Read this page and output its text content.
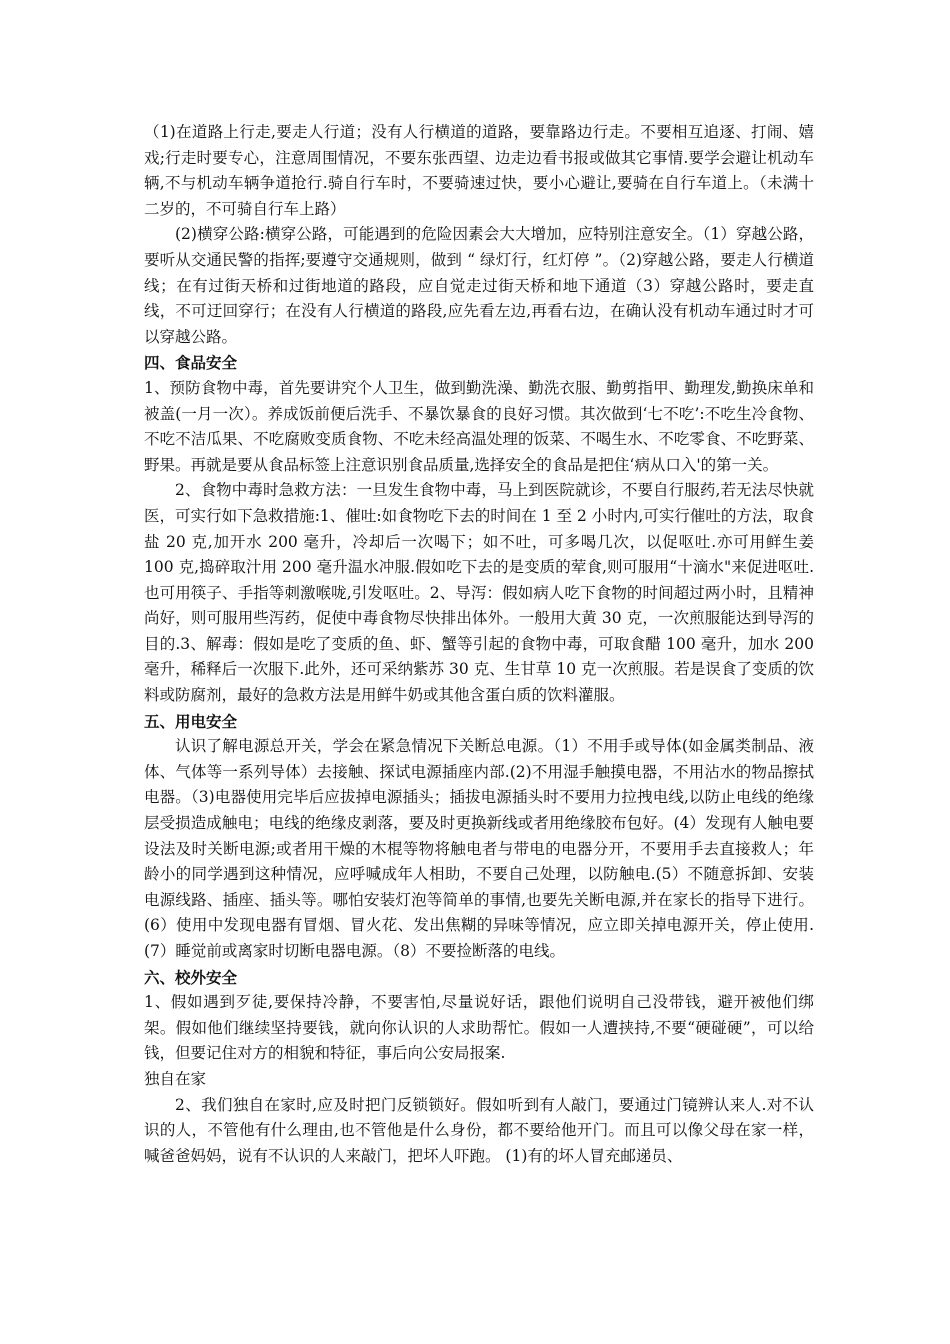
（1)在道路上行走,要走人行道；没有人行横道的道路，要靠路边行走。不要相互追逐、打闹、嬉戏;行走时要专心，注意周围情况，不要东张西望、边走边看书报或做其它事情.要学会避让机动车辆,不与机动车辆争道抢行.骑自行车时，不要骑速过快，要小心避让,要骑在自行车道上。（未满十二岁的，不可骑自行车上路）

(2)横穿公路:横穿公路，可能遇到的危险因素会大大增加，应特别注意安全。（1）穿越公路，要听从交通民警的指挥;要遵守交通规则，做到 “ 绿灯行，红灯停 ”。（2)穿越公路，要走人行横道线；在有过街天桥和过街地道的路段，应自觉走过街天桥和地下通道（3）穿越公路时，要走直线，不可迂回穿行；在没有人行横道的路段,应先看左边,再看右边，在确认没有机动车通过时才可以穿越公路。

四、食品安全

1、预防食物中毒，首先要讲究个人卫生，做到勤洗澡、勤洗衣服、勤剪指甲、勤理发,勤换床单和被盖(一月一次）。养成饭前便后洗手、不暴饮暴食的良好习惯。其次做到‘七不吃’:不吃生冷食物、不吃不洁瓜果、不吃腐败变质食物、不吃未经高温处理的饭菜、不喝生水、不吃零食、不吃野菜、野果。再就是要从食品标签上注意识别食品质量,选择安全的食品是把住‘病从口入'的第一关。

2、食物中毒时急救方法：一旦发生食物中毒，马上到医院就诊，不要自行服药,若无法尽快就医，可实行如下急救措施:1、催吐:如食物吃下去的时间在 1 至 2 小时内,可实行催吐的方法，取食盐 20 克,加开水 200 毫升，冷却后一次喝下；如不吐，可多喝几次，以促呕吐.亦可用鲜生姜 100 克,捣碎取汁用 200 毫升温水冲服.假如吃下去的是变质的荤食,则可服用“十滴水"来促进呕吐.也可用筷子、手指等刺激喉咙,引发呕吐。2、导泻：假如病人吃下食物的时间超过两小时，且精神尚好，则可服用些泻药，促使中毒食物尽快排出体外。一般用大黄 30 克，一次煎服能达到导泻的目的.3、解毒：假如是吃了变质的鱼、虾、蟹等引起的食物中毒，可取食醋 100 毫升，加水 200 毫升，稀释后一次服下.此外，还可采纳紫苏 30 克、生甘草 10 克一次煎服。若是误食了变质的饮料或防腐剂，最好的急救方法是用鲜牛奶或其他含蛋白质的饮料灌服。

五、用电安全

认识了解电源总开关，学会在紧急情况下关断总电源。（1）不用手或导体(如金属类制品、液体、气体等一系列导体）去接触、探试电源插座内部.(2)不用湿手触摸电器，不用沾水的物品擦拭电器。（3)电器使用完毕后应拔掉电源插头；插拔电源插头时不要用力拉拽电线,以防止电线的绝缘层受损造成触电；电线的绝缘皮剥落，要及时更换新线或者用绝缘胶布包好。(4）发现有人触电要设法及时关断电源;或者用干燥的木棍等物将触电者与带电的电器分开，不要用手去直接救人；年龄小的同学遇到这种情况，应呼喊成年人相助，不要自己处理，以防触电.(5）不随意拆卸、安装电源线路、插座、插头等。哪怕安装灯泡等简单的事情,也要先关断电源,并在家长的指导下进行。(6）使用中发现电器有冒烟、冒火花、发出焦糊的异味等情况，应立即关掉电源开关，停止使用.(7）睡觉前或离家时切断电器电源。（8）不要捡断落的电线。

六、校外安全

1、假如遇到歹徒,要保持冷静，不要害怕,尽量说好话，跟他们说明自己没带钱，避开被他们绑架。假如他们继续坚持要钱，就向你认识的人求助帮忙。假如一人遭挟持,不要“硬碰硬”，可以给钱，但要记住对方的相貌和特征，事后向公安局报案.

独自在家

2、我们独自在家时,应及时把门反锁锁好。假如听到有人敲门，要通过门镜辨认来人.对不认识的人，不管他有什么理由,也不管他是什么身份，都不要给他开门。而且可以像父母在家一样，喊爸爸妈妈，说有不认识的人来敲门，把坏人吓跑。 (1)有的坏人冒充邮递员、
